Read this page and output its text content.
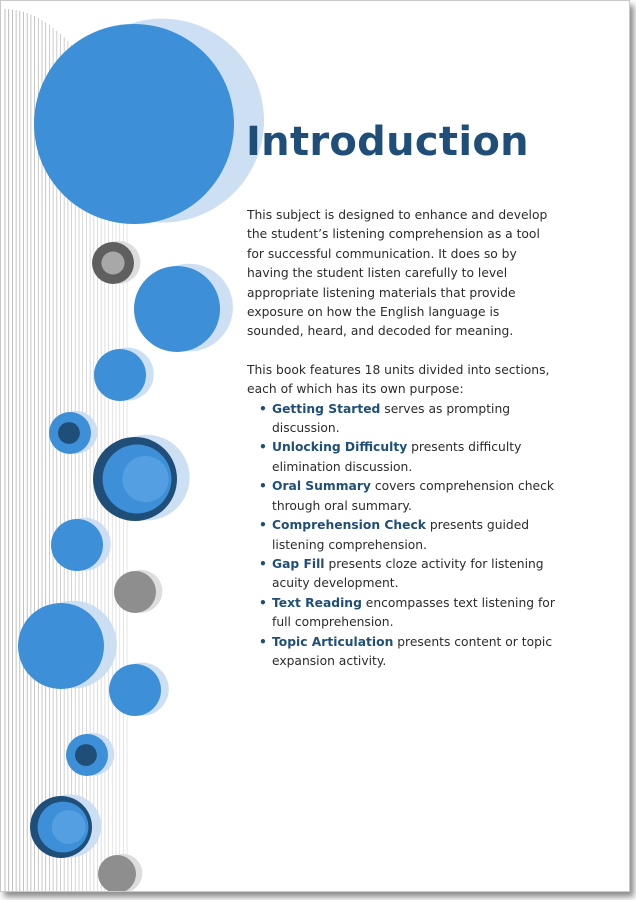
Introduction

This subject is designed to enhance and develop the student’s listening comprehension as a tool for successful communication. It does so by having the student listen carefully to level appropriate listening materials that provide exposure on how the English language is sounded, heard, and decoded for meaning.

This book features 18 units divided into sections, each of which has its own purpose:

• Getting Started serves as prompting discussion.
• Unlocking Difficulty presents difficulty elimination discussion.
• Oral Summary covers comprehension check through oral summary.
• Comprehension Check presents guided listening comprehension.
• Gap Fill presents cloze activity for listening acuity development.
• Text Reading encompasses text listening for full comprehension.
• Topic Articulation presents content or topic expansion activity.
